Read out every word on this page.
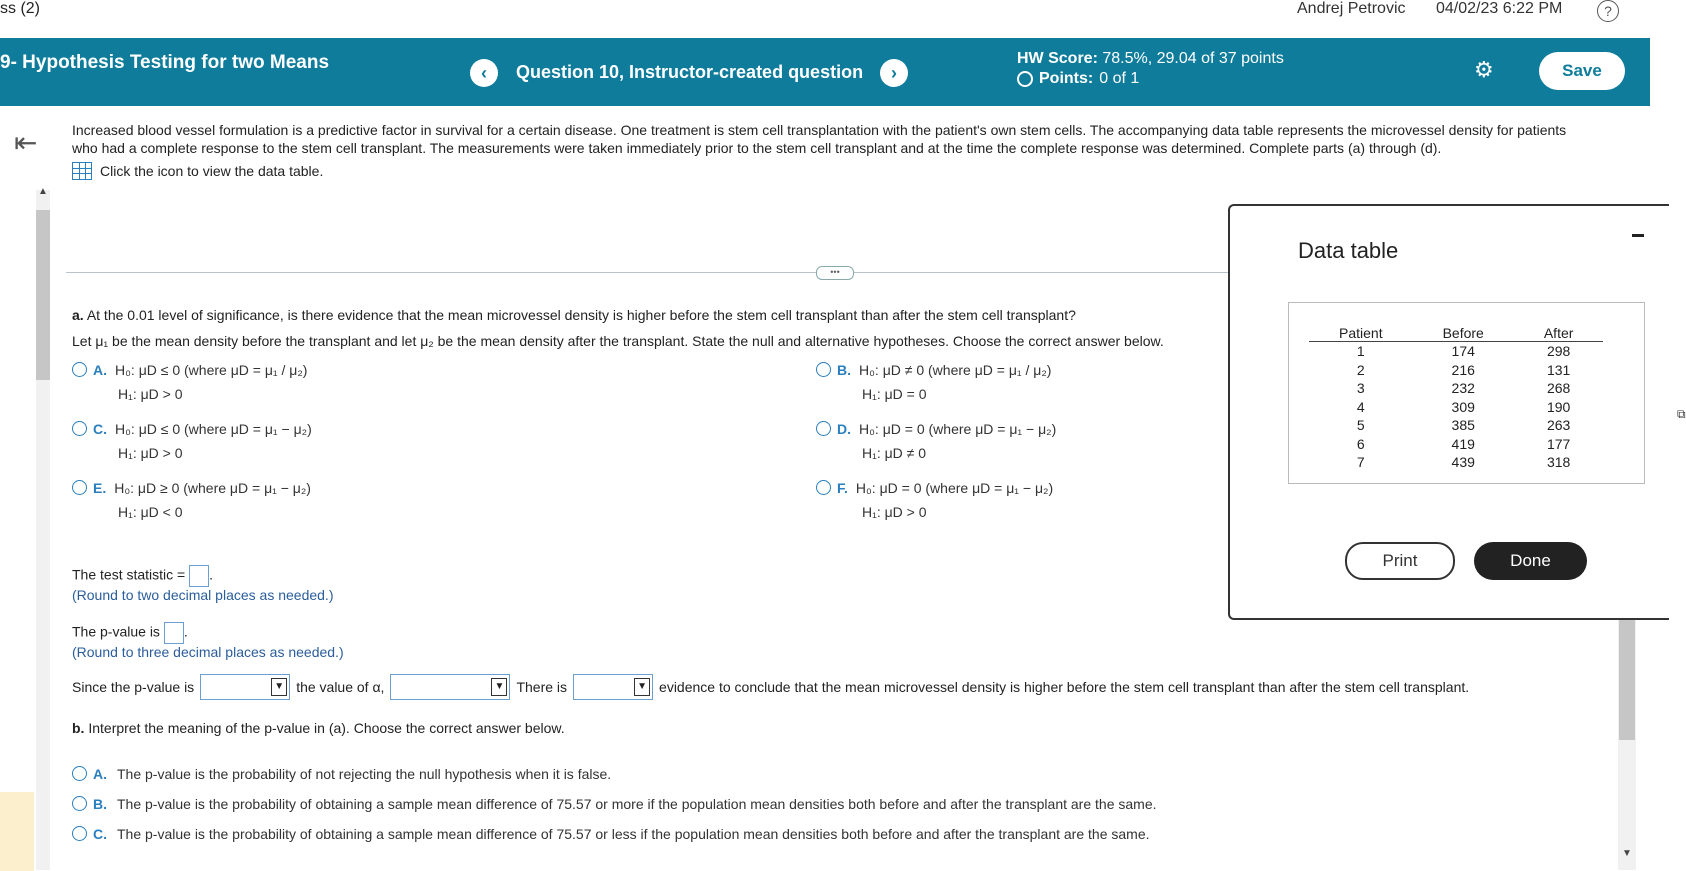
ss (2)	Andrej Petrovic 04/02/23 6:22 PM	?
9- Hypothesis Testing for two Means	‹	Question 10, Instructor-created question	›
HW Score: 78.5%, 29.04 of 37 points
Points: 0 of 1	⚙	Save
⇤
▲
Increased blood vessel formulation is a predictive factor in survival for a certain disease. One treatment is stem cell transplantation with the patient's own stem cells. The accompanying data table represents the microvessel density for patients who had a complete response to the stem cell transplant. The measurements were taken immediately prior to the stem cell transplant and at the time the complete response was determined. Complete parts (a) through (d).
Click the icon to view the data table.
•••
a. At the 0.01 level of significance, is there evidence that the mean microvessel density is higher before the stem cell transplant than after the stem cell transplant?
Let μ₁ be the mean density before the transplant and let μ₂ be the mean density after the transplant. State the null and alternative hypotheses. Choose the correct answer below.
A. H₀: μD ≤ 0 (where μD = μ₁ / μ₂)
H₁: μD > 0
B. H₀: μD ≠ 0 (where μD = μ₁ / μ₂)
H₁: μD = 0
C. H₀: μD ≤ 0 (where μD = μ₁ − μ₂)
H₁: μD > 0
D. H₀: μD = 0 (where μD = μ₁ − μ₂)
H₁: μD ≠ 0
E. H₀: μD ≥ 0 (where μD = μ₁ − μ₂)
H₁: μD < 0
F. H₀: μD = 0 (where μD = μ₁ − μ₂)
H₁: μD > 0
The test statistic = .
(Round to two decimal places as needed.)
The p-value is .
(Round to three decimal places as needed.)
Since the p-value is	▼ the value of α,	▼ There is	▼ evidence to conclude that the mean microvessel density is higher before the stem cell transplant than after the stem cell transplant.
b. Interpret the meaning of the p-value in (a). Choose the correct answer below.
A. The p-value is the probability of not rejecting the null hypothesis when it is false.
B. The p-value is the probability of obtaining a sample mean difference of 75.57 or more if the population mean densities both before and after the transplant are the same.
C. The p-value is the probability of obtaining a sample mean difference of 75.57 or less if the population mean densities both before and after the transplant are the same.
▼
Data table
Patient	Before	After
1	174	298
2	216	131
3	232	268
4	309	190
5	385	263
6	419	177
7	439	318
⧉
Print	Done
